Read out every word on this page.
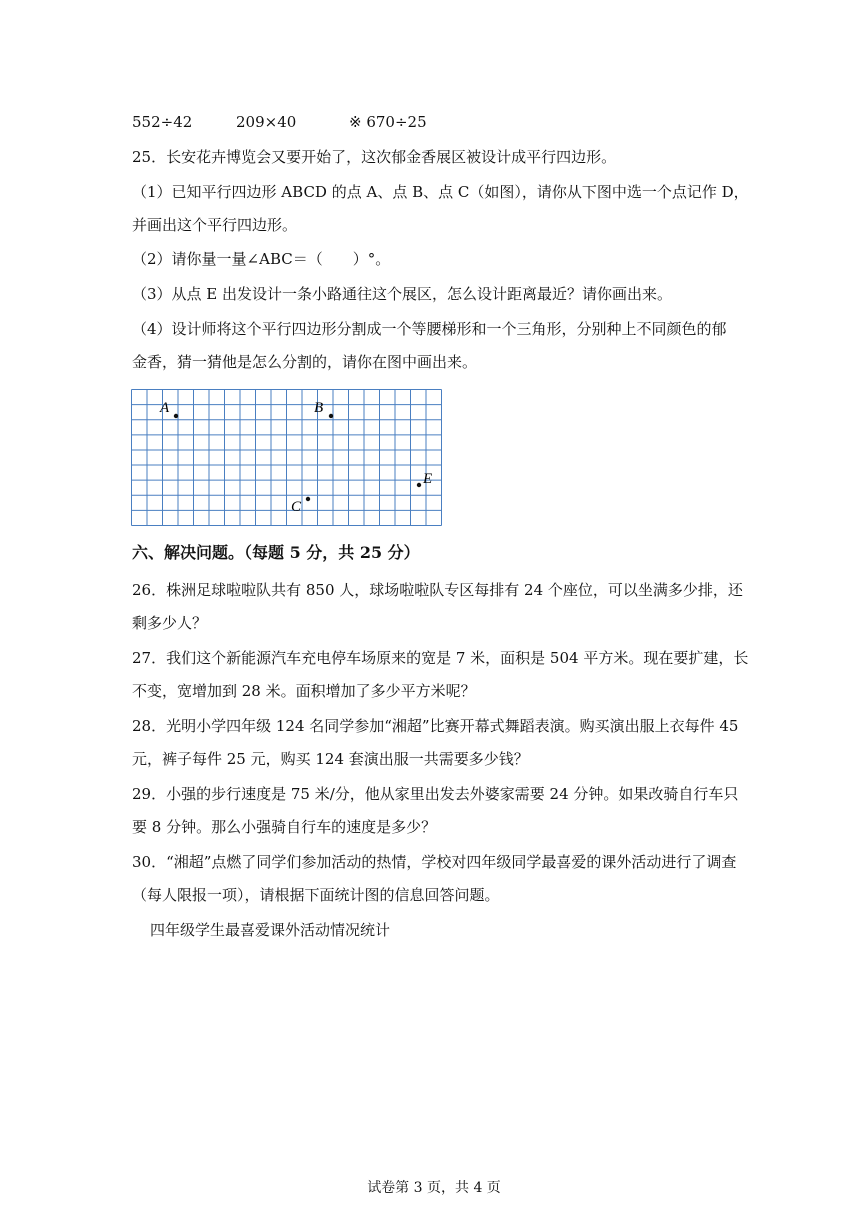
552÷42	209×40	※ 670÷25
25．长安花卉博览会又要开始了，这次郁金香展区被设计成平行四边形。
（1）已知平行四边形 ABCD 的点 A、点 B、点 C（如图），请你从下图中选一个点记作 D，
并画出这个平行四边形。
（2）请你量一量∠ABC＝（　　）°。
（3）从点 E 出发设计一条小路通往这个展区，怎么设计距离最近？请你画出来。
（4）设计师将这个平行四边形分割成一个等腰梯形和一个三角形，分别种上不同颜色的郁
金香，猜一猜他是怎么分割的，请你在图中画出来。
A	B
C
E
六、解决问题。（每题 5 分，共 25 分）
26．株洲足球啦啦队共有 850 人，球场啦啦队专区每排有 24 个座位，可以坐满多少排，还
剩多少人？
27．我们这个新能源汽车充电停车场原来的宽是 7 米，面积是 504 平方米。现在要扩建，长
不变，宽增加到 28 米。面积增加了多少平方米呢？
28．光明小学四年级 124 名同学参加“湘超”比赛开幕式舞蹈表演。购买演出服上衣每件 45
元，裤子每件 25 元，购买 124 套演出服一共需要多少钱？
29．小强的步行速度是 75 米/分，他从家里出发去外婆家需要 24 分钟。如果改骑自行车只
要 8 分钟。那么小强骑自行车的速度是多少？
30．“湘超”点燃了同学们参加活动的热情，学校对四年级同学最喜爱的课外活动进行了调查
（每人限报一项），请根据下面统计图的信息回答问题。
四年级学生最喜爱课外活动情况统计
试卷第 3 页，共 4 页
